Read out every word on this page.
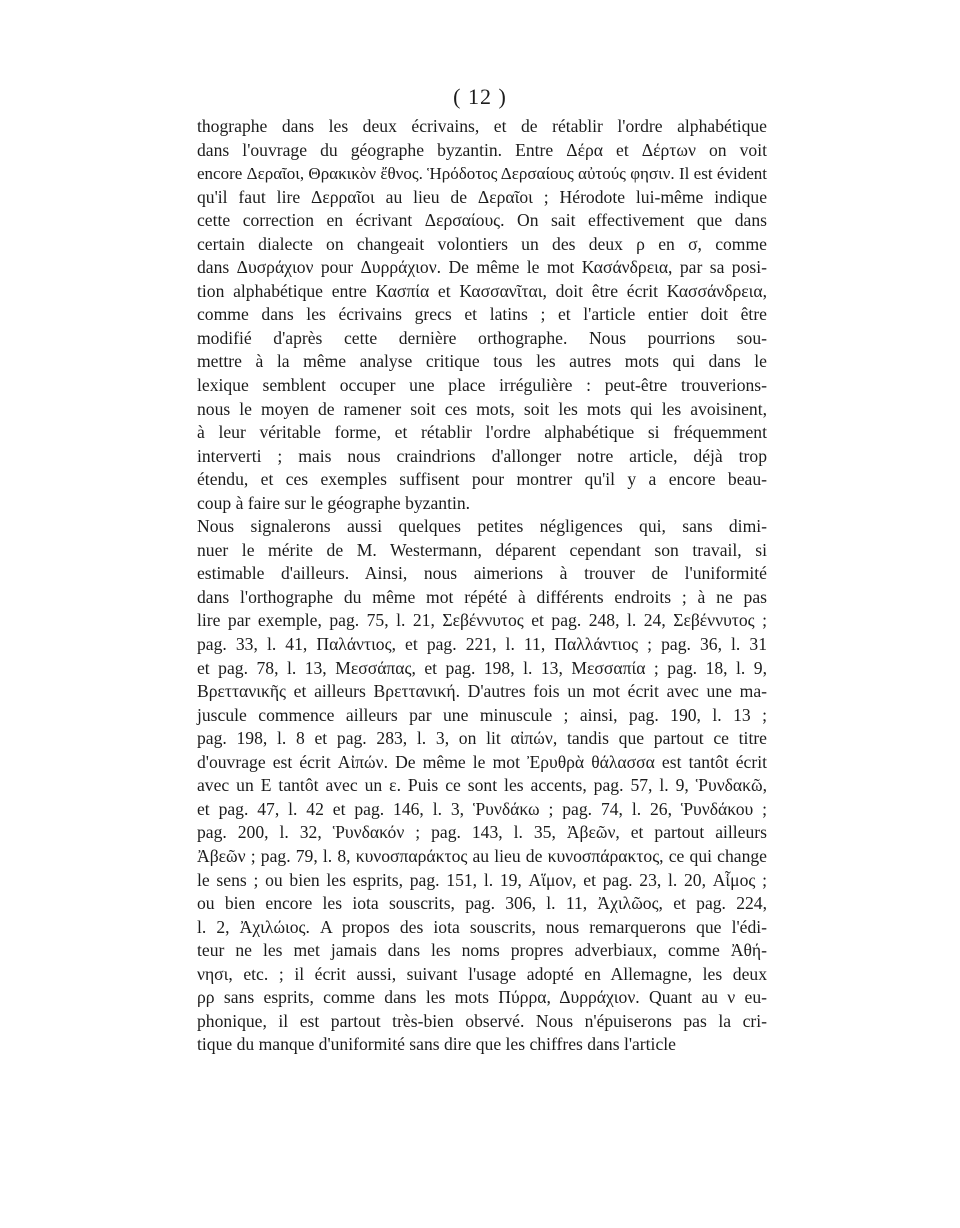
( 12 )
thographe dans les deux écrivains, et de rétablir l'ordre alphabétique
dans l'ouvrage du géographe byzantin. Entre Δέρα et Δέρτων on voit
encore Δεραῖοι, Θρακικὸν ἔθνος. Ἡρόδοτος Δερσαίους αὐτούς φησιν. Il est évident
qu'il faut lire Δερραῖοι au lieu de Δεραῖοι ; Hérodote lui-même indique
cette correction en écrivant Δερσαίους. On sait effectivement que dans
certain dialecte on changeait volontiers un des deux ρ en σ, comme
dans Δυσράχιον pour Δυρράχιον. De même le mot Κασάνδρεια, par sa posi-
tion alphabétique entre Κασπία et Κασσανῖται, doit être écrit Κασσάνδρεια,
comme dans les écrivains grecs et latins ; et l'article entier doit être
modifié d'après cette dernière orthographe. Nous pourrions sou-
mettre à la même analyse critique tous les autres mots qui dans le
lexique semblent occuper une place irrégulière : peut-être trouverions-
nous le moyen de ramener soit ces mots, soit les mots qui les avoisinent,
à leur véritable forme, et rétablir l'ordre alphabétique si fréquemment
interverti ; mais nous craindrions d'allonger notre article, déjà trop
étendu, et ces exemples suffisent pour montrer qu'il y a encore beau-
coup à faire sur le géographe byzantin.
Nous signalerons aussi quelques petites négligences qui, sans dimi-
nuer le mérite de M. Westermann, déparent cependant son travail, si
estimable d'ailleurs. Ainsi, nous aimerions à trouver de l'uniformité
dans l'orthographe du même mot répété à différents endroits ; à ne pas
lire par exemple, pag. 75, l. 21, Σεβέννυτος et pag. 248, l. 24, Σεβέννυτος ;
pag. 33, l. 41, Παλάντιος, et pag. 221, l. 11, Παλλάντιος ; pag. 36, l. 31
et pag. 78, l. 13, Μεσσάπας, et pag. 198, l. 13, Μεσσαπία ; pag. 18, l. 9,
Βρεττανικῆς et ailleurs Βρεττανική. D'autres fois un mot écrit avec une ma-
juscule commence ailleurs par une minuscule ; ainsi, pag. 190, l. 13 ;
pag. 198, l. 8 et pag. 283, l. 3, on lit αἰπών, tandis que partout ce titre
d'ouvrage est écrit Αἰπών. De même le mot Ἐρυθρὰ θάλασσα est tantôt écrit
avec un Ε tantôt avec un ε. Puis ce sont les accents, pag. 57, l. 9, Ῥυνδακῶ,
et pag. 47, l. 42 et pag. 146, l. 3, Ῥυνδάκω ; pag. 74, l. 26, Ῥυνδάκου ;
pag. 200, l. 32, Ῥυνδακόν ; pag. 143, l. 35, Ἀβεῶν, et partout ailleurs
Ἀβεῶν ; pag. 79, l. 8, κυνοσπαράκτος au lieu de κυνοσπάρακτος, ce qui change
le sens ; ou bien les esprits, pag. 151, l. 19, Αἵμον, et pag. 23, l. 20, Αἷμος ;
ou bien encore les iota souscrits, pag. 306, l. 11, Ἀχιλῶος, et pag. 224,
l. 2, Ἀχιλώιος. A propos des iota souscrits, nous remarquerons que l'édi-
teur ne les met jamais dans les noms propres adverbiaux, comme Ἀθή-
νησι, etc. ; il écrit aussi, suivant l'usage adopté en Allemagne, les deux
ρρ sans esprits, comme dans les mots Πύρρα, Δυρράχιον. Quant au ν eu-
phonique, il est partout très-bien observé. Nous n'épuiserons pas la cri-
tique du manque d'uniformité sans dire que les chiffres dans l'article
